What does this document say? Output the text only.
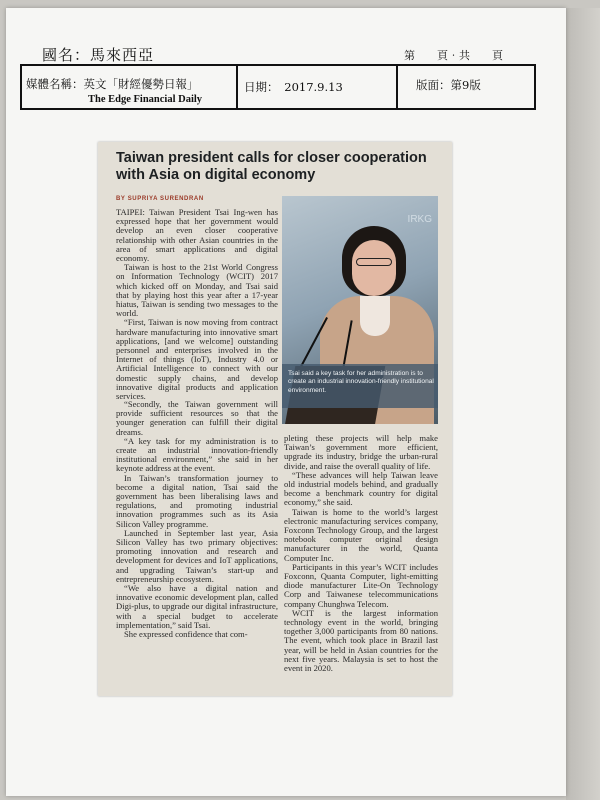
國名：馬來西亞	第　　頁‧共　　頁
媒體名稱：英文「財經優勢日報」
The Edge Financial Daily
日期：　2017.9.13	版面：第9版
Taiwan president calls for closer cooperation with Asia on digital economy
BY SUPRIYA SURENDRAN

TAIPEI: Taiwan President Tsai Ing-wen has expressed hope that her government would develop an even closer cooperative relationship with other Asian countries in the area of smart applications and digital economy.

Taiwan is host to the 21st World Congress on Information Technology (WCIT) 2017 which kicked off on Monday, and Tsai said that by playing host this year after a 17-year hiatus, Taiwan is sending two messages to the world.

“First, Taiwan is now moving from contract hardware manufacturing into innovative smart applications, [and we welcome] outstanding personnel and enterprises involved in the Internet of things (IoT), Industry 4.0 or Artificial Intelligence to connect with our domestic supply chains, and develop innovative digital products and application services.

IRKG
Tsai said a key task for her administration is to create an industrial innovation-friendly institutional environment.

“Secondly, the Taiwan government will provide sufficient resources so that the younger generation can fulfill their digital dreams.

“A key task for my administration is to create an industrial innovation-friendly institutional environment,” she said in her keynote address at the event.

In Taiwan’s transformation journey to become a digital nation, Tsai said the government has been liberalising laws and regulations, and promoting industrial innovation programmes such as its Asia Silicon Valley programme.

Launched in September last year, Asia Silicon Valley has two primary objectives: promoting innovation and research and development for devices and IoT applications, and upgrading Taiwan’s start-up and entrepreneurship ecosystem.

“We also have a digital nation and innovative economic development plan, called Digi-plus, to upgrade our digital infrastructure, with a special budget to accelerate implementation,” said Tsai.

She expressed confidence that com-

pleting these projects will help make Taiwan’s government more efficient, upgrade its industry, bridge the urban-rural divide, and raise the overall quality of life.

“These advances will help Taiwan leave old industrial models behind, and gradually become a benchmark country for digital economy,” she said.

Taiwan is home to the world’s largest electronic manufacturing services company, Foxconn Technology Group, and the largest notebook computer original design manufacturer in the world, Quanta Computer Inc.

Participants in this year’s WCIT includes Foxconn, Quanta Computer, light-emitting diode manufacturer Lite-On Technology Corp and Taiwanese telecommunications company Chunghwa Telecom.

WCIT is the largest information technology event in the world, bringing together 3,000 participants from 80 nations. The event, which took place in Brazil last year, will be held in Asian countries for the next five years. Malaysia is set to host the event in 2020.
